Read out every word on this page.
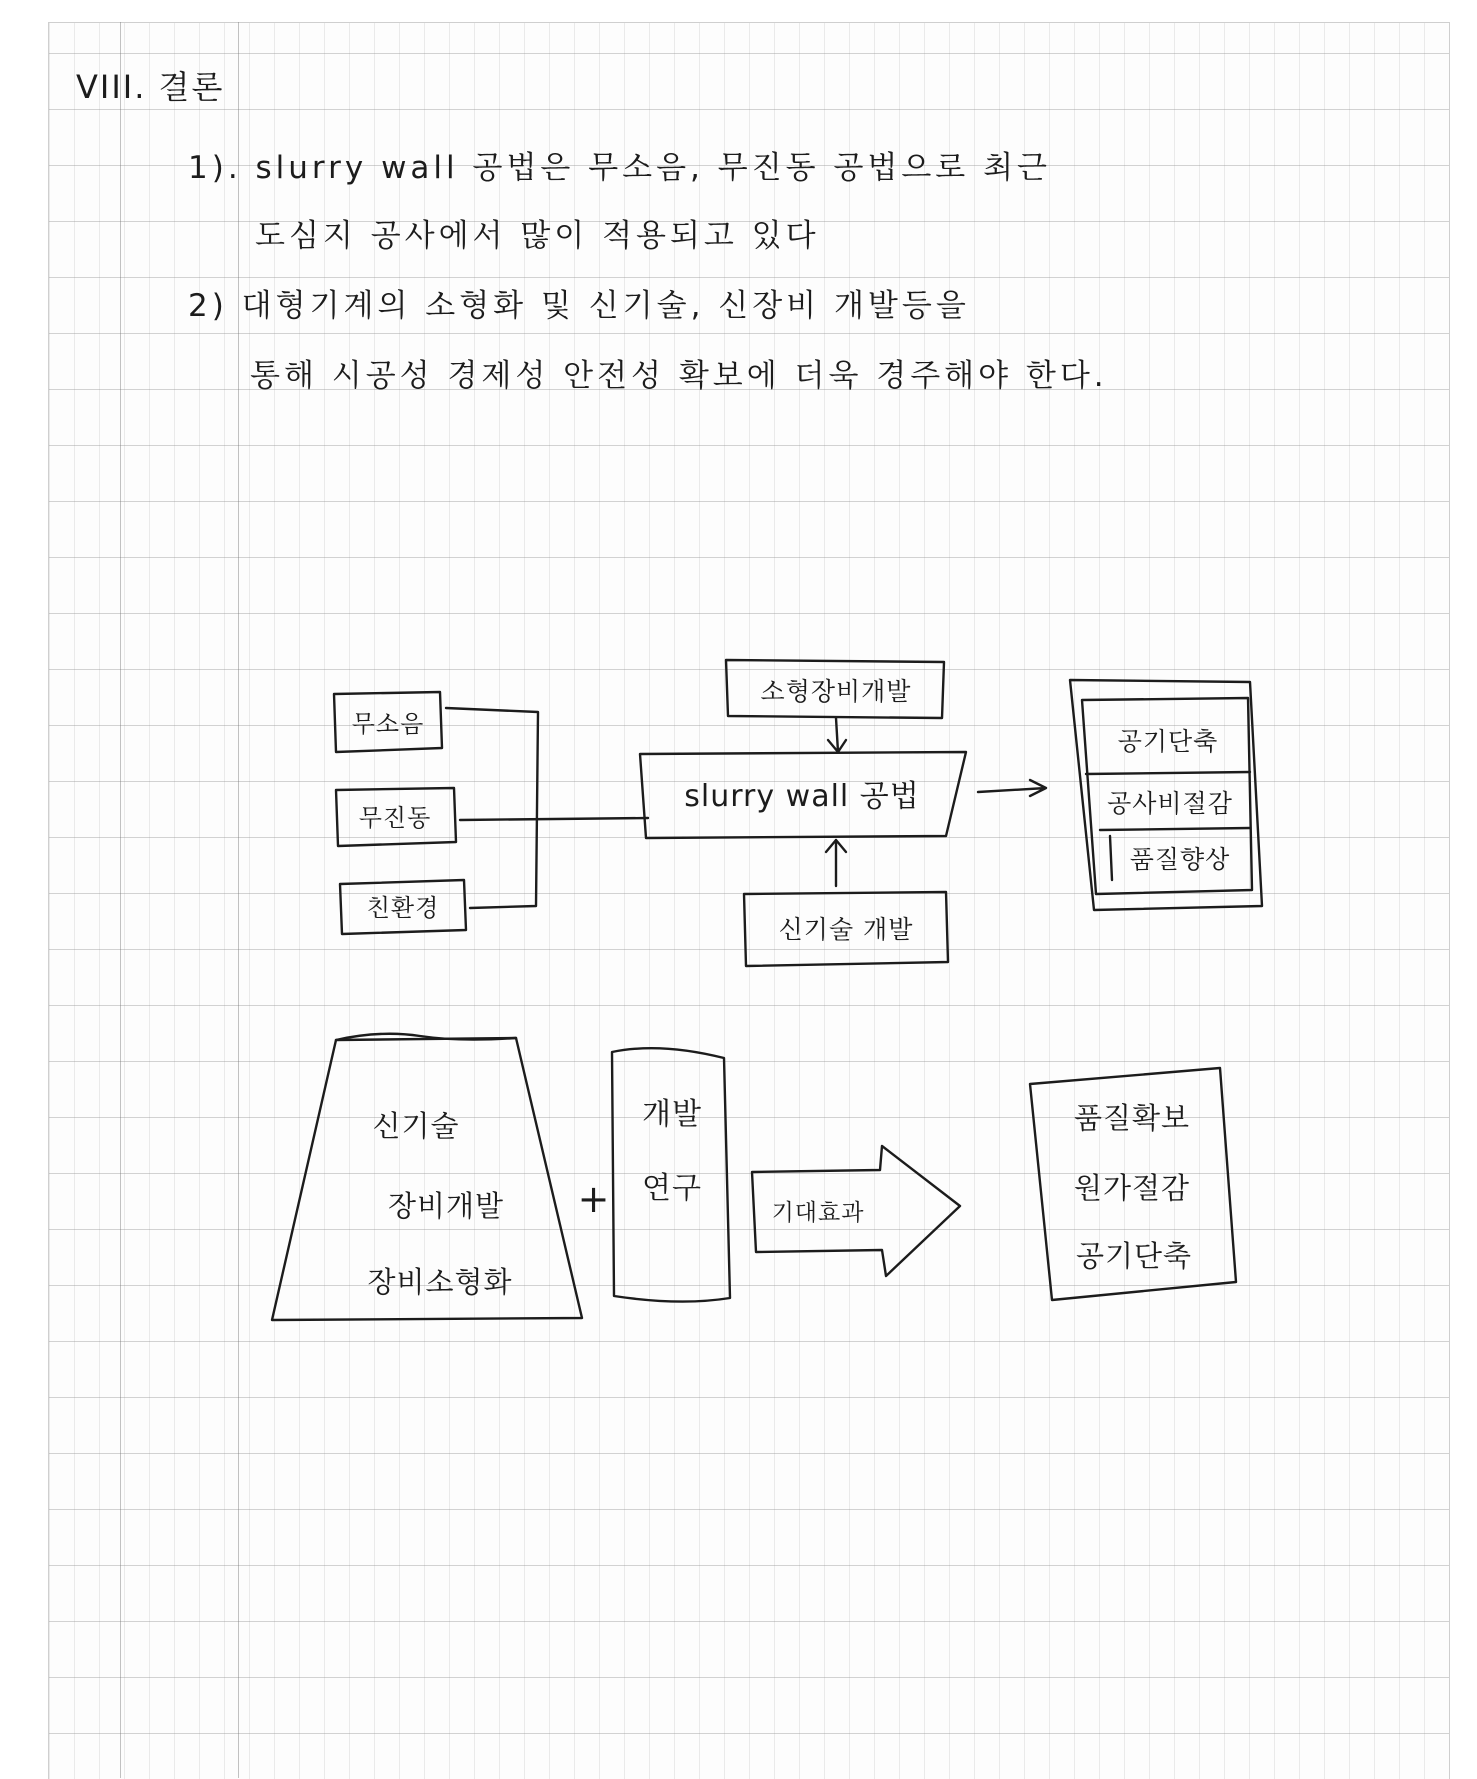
VIII. 결론
1). slurry wall 공법은 무소음, 무진동 공법으로 최근
도심지 공사에서 많이 적용되고 있다
2) 대형기계의 소형화 및 신기술, 신장비 개발등을
통해 시공성 경제성 안전성 확보에 더욱 경주해야 한다.
무소음
무진동
친환경
소형장비개발
slurry wall 공법
신기술 개발
공기단축
공사비절감
품질향상
신기술
장비개발
장비소형화
+
개발
연구
기대효과
품질확보
원가절감
공기단축
